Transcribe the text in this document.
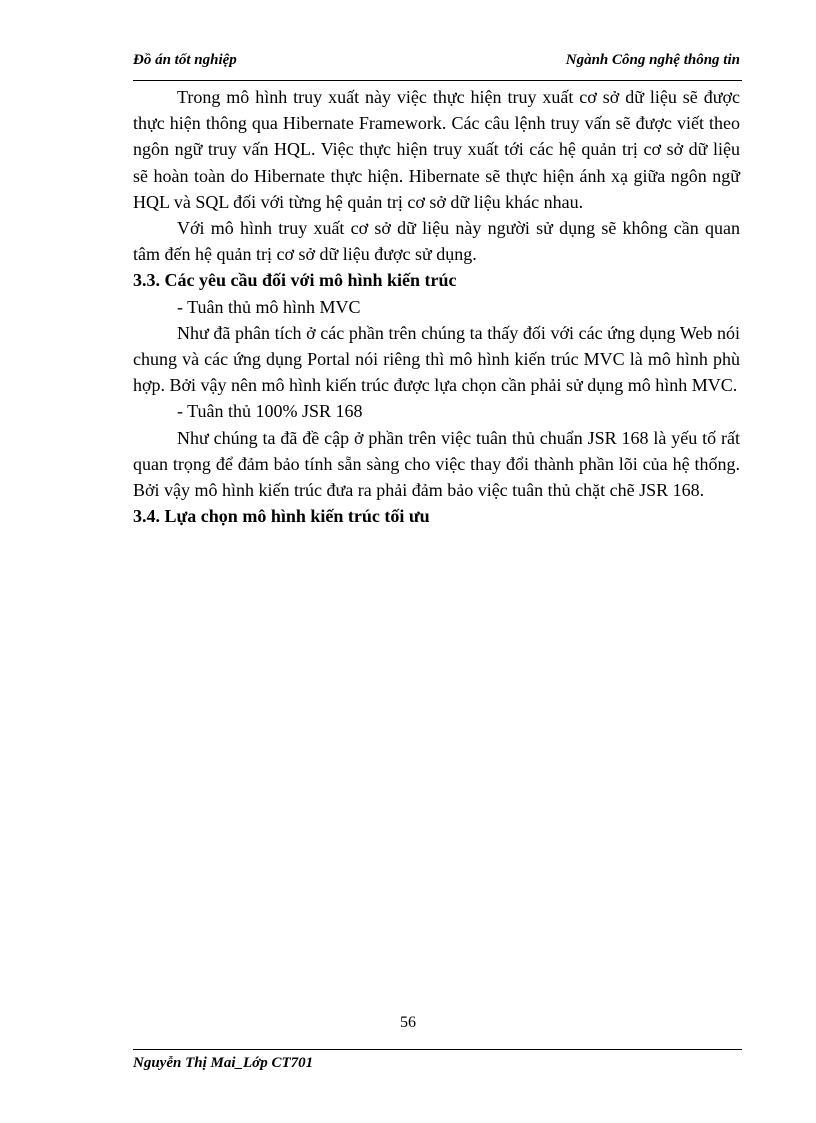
Đồ án tốt nghiệp	Ngành Công nghệ thông tin

Trong mô hình truy xuất này việc thực hiện truy xuất cơ sở dữ liệu sẽ được thực hiện thông qua Hibernate Framework. Các câu lệnh truy vấn sẽ được viết theo ngôn ngữ truy vấn HQL. Việc thực hiện truy xuất tới các hệ quản trị cơ sở dữ liệu sẽ hoàn toàn do Hibernate thực hiện. Hibernate sẽ thực hiện ánh xạ giữa ngôn ngữ HQL và SQL đối với từng hệ quản trị cơ sở dữ liệu khác nhau.

Với mô hình truy xuất cơ sở dữ liệu này người sử dụng sẽ không cần quan tâm đến hệ quản trị cơ sở dữ liệu được sử dụng.

3.3. Các yêu cầu đối với mô hình kiến trúc

- Tuân thủ mô hình MVC

Như đã phân tích ở các phần trên chúng ta thấy đối với các ứng dụng Web nói chung và các ứng dụng Portal nói riêng thì mô hình kiến trúc MVC là mô hình phù hợp. Bởi vậy nên mô hình kiến trúc được lựa chọn cần phải sử dụng mô hình MVC.

- Tuân thủ 100% JSR 168

Như chúng ta đã đề cập ở phần trên việc tuân thủ chuẩn JSR 168 là yếu tố rất quan trọng để đảm bảo tính sẵn sàng cho việc thay đổi thành phần lõi của hệ thống. Bởi vậy mô hình kiến trúc đưa ra phải đảm bảo việc tuân thủ chặt chẽ JSR 168.

3.4. Lựa chọn mô hình kiến trúc tối ưu
56
Nguyễn Thị Mai_Lớp CT701
